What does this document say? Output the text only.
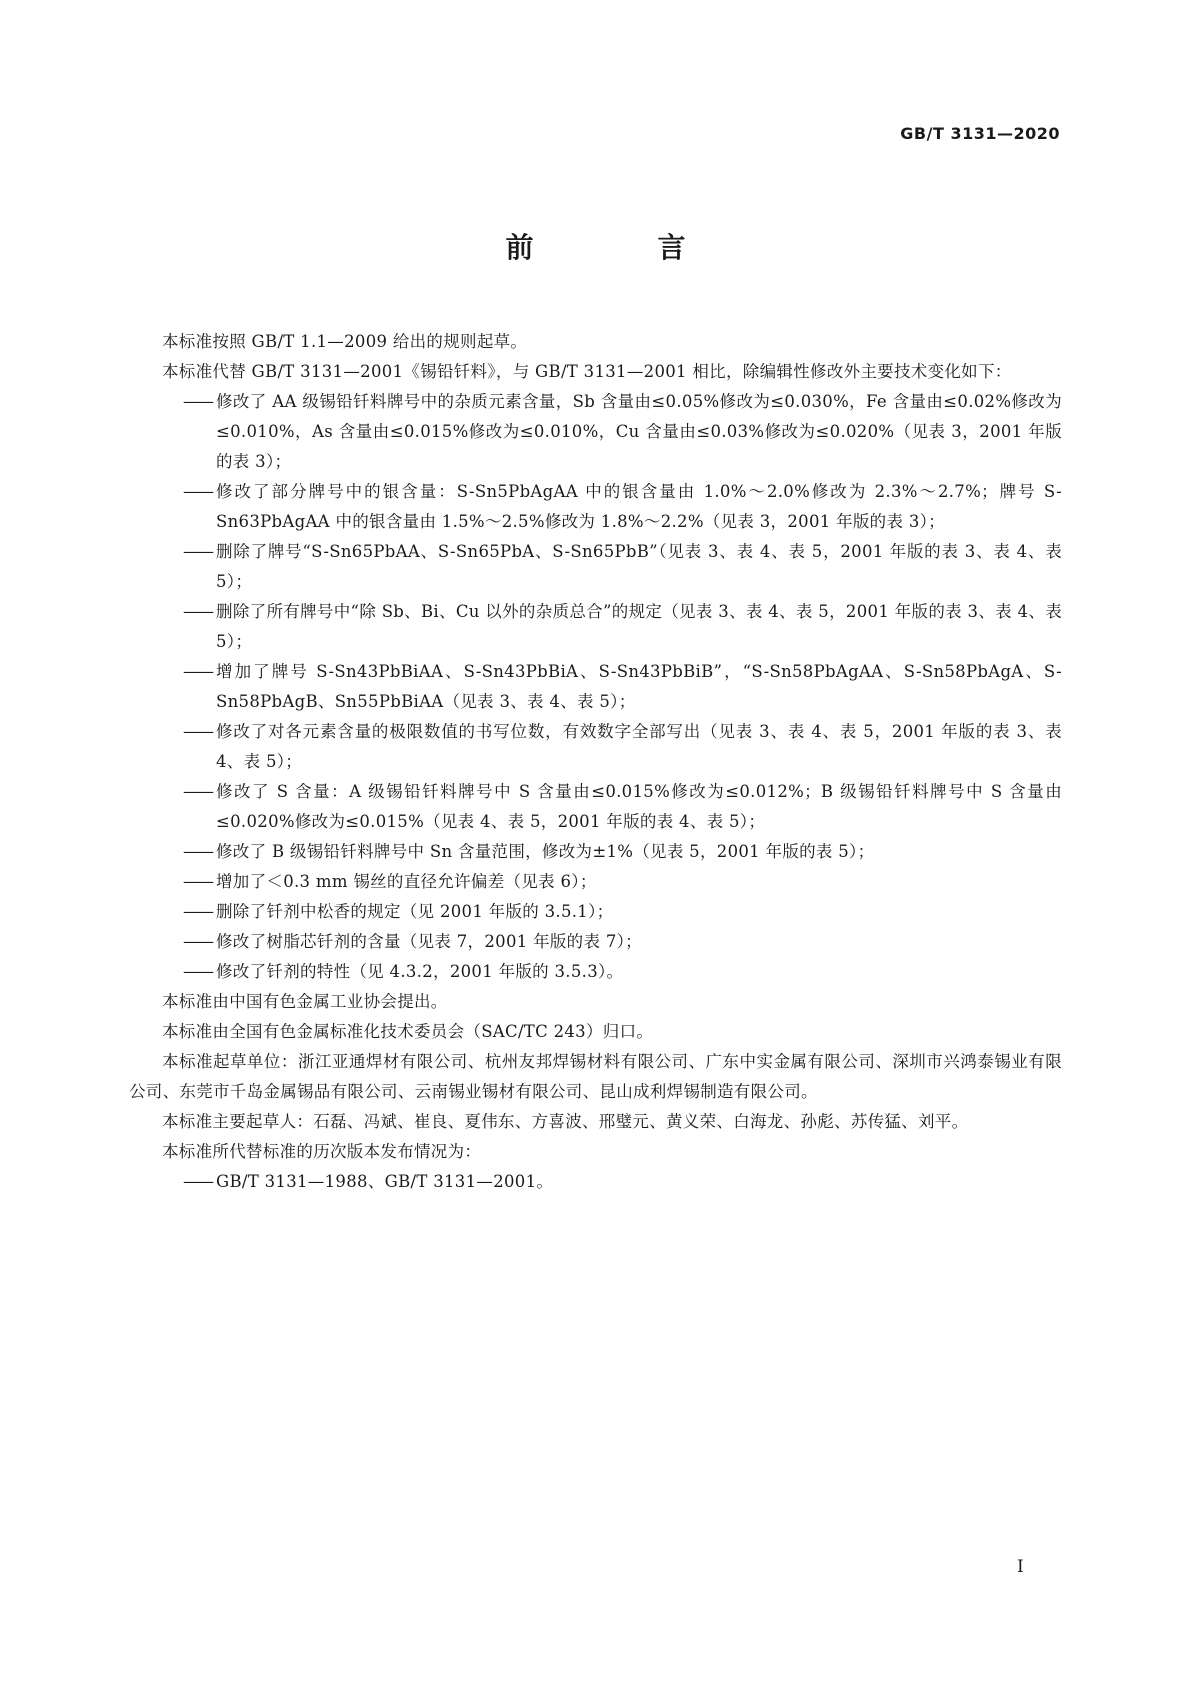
GB/T 3131—2020
前　言

本标准按照 GB/T 1.1—2009 给出的规则起草。

本标准代替 GB/T 3131—2001《锡铅钎料》，与 GB/T 3131—2001 相比，除编辑性修改外主要技术变化如下：

—— 修改了 AA 级锡铅钎料牌号中的杂质元素含量，Sb 含量由≤0.05%修改为≤0.030%，Fe 含量由≤0.02%修改为≤0.010%，As 含量由≤0.015%修改为≤0.010%，Cu 含量由≤0.03%修改为≤0.020%（见表 3，2001 年版的表 3）；

—— 修改了部分牌号中的银含量：S-Sn5PbAgAA 中的银含量由 1.0%～2.0%修改为 2.3%～2.7%；牌号 S-Sn63PbAgAA 中的银含量由 1.5%～2.5%修改为 1.8%～2.2%（见表 3，2001 年版的表 3）；

—— 删除了牌号“S-Sn65PbAA、S-Sn65PbA、S-Sn65PbB”（见表 3、表 4、表 5，2001 年版的表 3、表 4、表 5）；

—— 删除了所有牌号中“除 Sb、Bi、Cu 以外的杂质总合”的规定（见表 3、表 4、表 5，2001 年版的表 3、表 4、表 5）；

—— 增加了牌号 S-Sn43PbBiAA、S-Sn43PbBiA、S-Sn43PbBiB”，“S-Sn58PbAgAA、S-Sn58PbAgA、S-Sn58PbAgB、Sn55PbBiAA（见表 3、表 4、表 5）；

—— 修改了对各元素含量的极限数值的书写位数，有效数字全部写出（见表 3、表 4、表 5，2001 年版的表 3、表 4、表 5）；

—— 修改了 S 含量：A 级锡铅钎料牌号中 S 含量由≤0.015%修改为≤0.012%；B 级锡铅钎料牌号中 S 含量由≤0.020%修改为≤0.015%（见表 4、表 5，2001 年版的表 4、表 5）；

—— 修改了 B 级锡铅钎料牌号中 Sn 含量范围，修改为±1%（见表 5，2001 年版的表 5）；

—— 增加了＜0.3 mm 锡丝的直径允许偏差（见表 6）；

—— 删除了钎剂中松香的规定（见 2001 年版的 3.5.1）；

—— 修改了树脂芯钎剂的含量（见表 7，2001 年版的表 7）；

—— 修改了钎剂的特性（见 4.3.2，2001 年版的 3.5.3）。

本标准由中国有色金属工业协会提出。

本标准由全国有色金属标准化技术委员会（SAC/TC 243）归口。

本标准起草单位：浙江亚通焊材有限公司、杭州友邦焊锡材料有限公司、广东中实金属有限公司、深圳市兴鸿泰锡业有限公司、东莞市千岛金属锡品有限公司、云南锡业锡材有限公司、昆山成利焊锡制造有限公司。

本标准主要起草人：石磊、冯斌、崔良、夏伟东、方喜波、邢璧元、黄义荣、白海龙、孙彪、苏传猛、刘平。

本标准所代替标准的历次版本发布情况为：

—— GB/T 3131—1988、GB/T 3131—2001。

I
